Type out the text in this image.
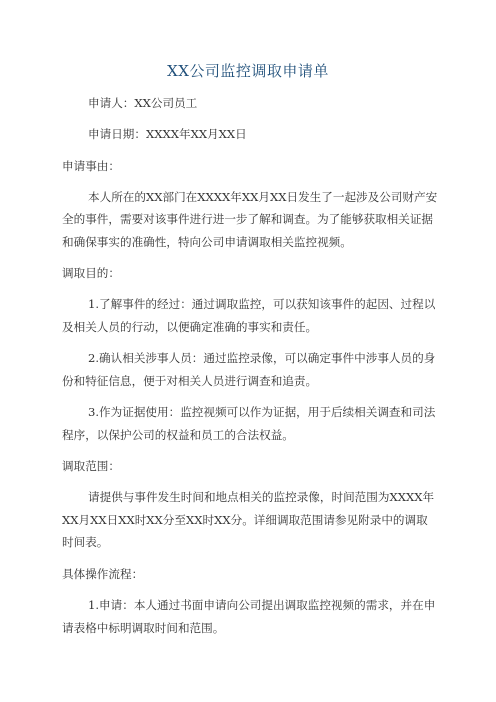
XX公司监控调取申请单
申请人：XX公司员工
申请日期：XXXX年XX月XX日
申请事由：
本人所在的XX部门在XXXX年XX月XX日发生了一起涉及公司财产安
全的事件，需要对该事件进行进一步了解和调查。为了能够获取相关证据
和确保事实的准确性，特向公司申请调取相关监控视频。
调取目的：
1.了解事件的经过：通过调取监控，可以获知该事件的起因、过程以
及相关人员的行动，以便确定准确的事实和责任。
2.确认相关涉事人员：通过监控录像，可以确定事件中涉事人员的身
份和特征信息，便于对相关人员进行调查和追责。
3.作为证据使用：监控视频可以作为证据，用于后续相关调查和司法
程序，以保护公司的权益和员工的合法权益。
调取范围：
请提供与事件发生时间和地点相关的监控录像，时间范围为XXXX年
XX月XX日XX时XX分至XX时XX分。详细调取范围请参见附录中的调取
时间表。
具体操作流程：
1.申请：本人通过书面申请向公司提出调取监控视频的需求，并在申
请表格中标明调取时间和范围。
